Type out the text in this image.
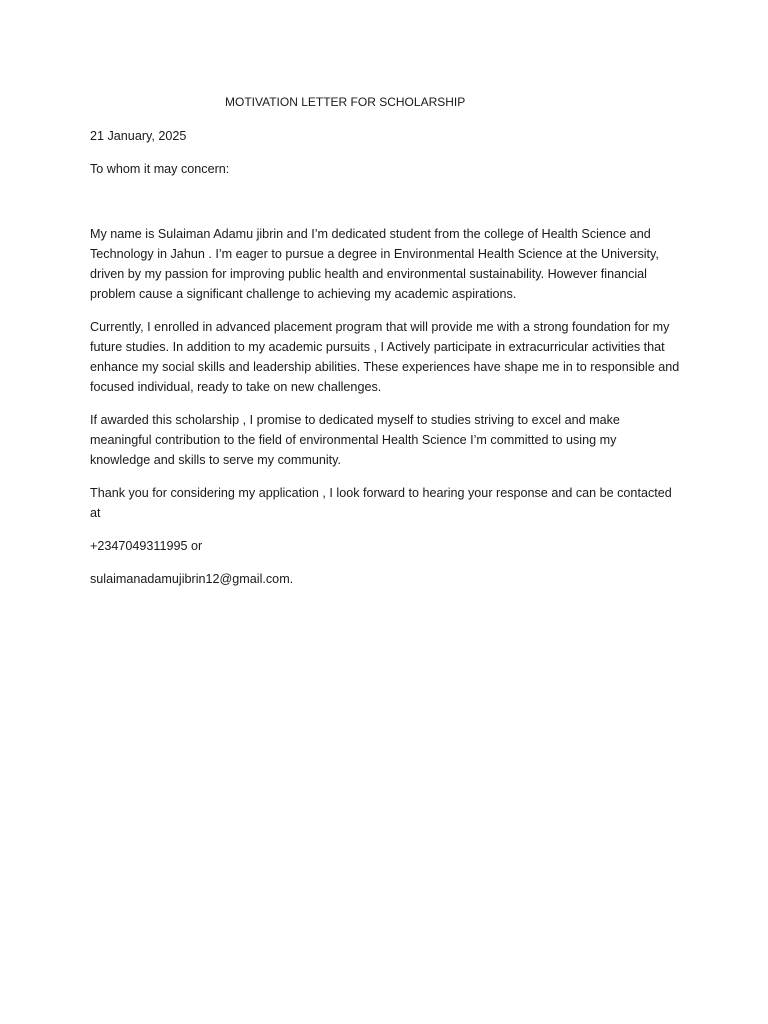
MOTIVATION LETTER FOR SCHOLARSHIP

21 January, 2025

To whom it may concern:

My name is Sulaiman Adamu jibrin and I’m dedicated student from the college of Health Science and Technology in Jahun . I’m eager to pursue a degree in Environmental Health Science at the University, driven by my passion for improving public health and environmental sustainability. However financial problem cause a significant challenge to achieving my academic aspirations.

Currently, I enrolled in advanced placement program that will provide me with a strong foundation for my future studies. In addition to my academic pursuits , I Actively participate in extracurricular activities that enhance my social skills and leadership abilities. These experiences have shape me in to responsible and focused individual, ready to take on new challenges.

If awarded this scholarship , I promise to dedicated myself to studies striving to excel and make meaningful contribution to the field of environmental Health Science I’m committed to using my knowledge and skills to serve my community.

Thank you for considering my application , I look forward to hearing your response and can be contacted at

+2347049311995 or

sulaimanadamujibrin12@gmail.com.
